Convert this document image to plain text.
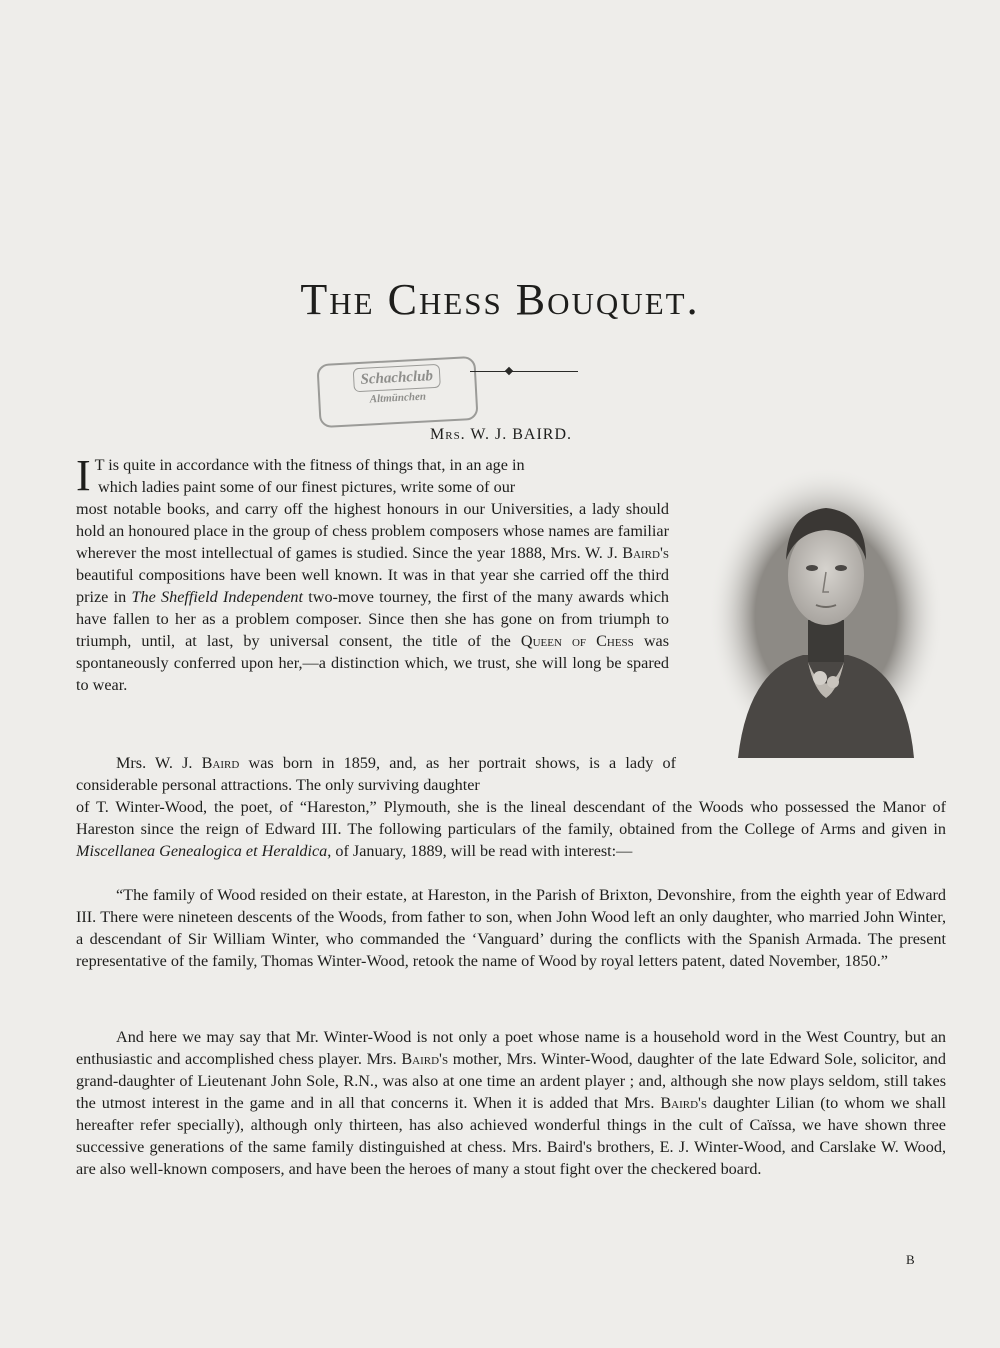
The Chess Bouquet.
Schachclub
Altmünchen
Mrs. W. J. BAIRD.

I T is quite in accordance with the fitness of things that, in an age in
which ladies paint some of our finest pictures, write some of our
most notable books, and carry off the highest honours in our Universities, a lady should hold an honoured place in the group of chess problem composers whose names are familiar wherever the most intellectual of games is studied. Since the year 1888, Mrs. W. J. Baird's beautiful compositions have been well known. It was in that year she carried off the third prize in The Sheffield Independent two-move tourney, the first of the many awards which have fallen to her as a problem composer. Since then she has gone on from triumph to triumph, until, at last, by universal consent, the title of the Queen of Chess was spontaneously conferred upon her,—a distinction which, we trust, she will long be spared to wear.

Mrs. W. J. Baird was born in 1859, and, as her portrait shows, is a lady of considerable personal attractions. The only surviving daughter

of T. Winter-Wood, the poet, of “Hareston,” Plymouth, she is the lineal descendant of the Woods who possessed the Manor of Hareston since the reign of Edward III. The following particulars of the family, obtained from the College of Arms and given in Miscellanea Genealogica et Heraldica, of January, 1889, will be read with interest:—

“The family of Wood resided on their estate, at Hareston, in the Parish of Brixton, Devonshire, from the eighth year of Edward III. There were nineteen descents of the Woods, from father to son, when John Wood left an only daughter, who married John Winter, a descendant of Sir William Winter, who commanded the ‘Vanguard’ during the conflicts with the Spanish Armada. The present representative of the family, Thomas Winter-Wood, retook the name of Wood by royal letters patent, dated November, 1850.”

And here we may say that Mr. Winter-Wood is not only a poet whose name is a household word in the West Country, but an enthusiastic and accomplished chess player. Mrs. Baird's mother, Mrs. Winter-Wood, daughter of the late Edward Sole, solicitor, and grand-daughter of Lieutenant John Sole, R.N., was also at one time an ardent player ; and, although she now plays seldom, still takes the utmost interest in the game and in all that concerns it. When it is added that Mrs. Baird's daughter Lilian (to whom we shall hereafter refer specially), although only thirteen, has also achieved wonderful things in the cult of Caïssa, we have shown three successive generations of the same family distinguished at chess. Mrs. Baird's brothers, E. J. Winter-Wood, and Carslake W. Wood, are also well-known composers, and have been the heroes of many a stout fight over the checkered board.

B
